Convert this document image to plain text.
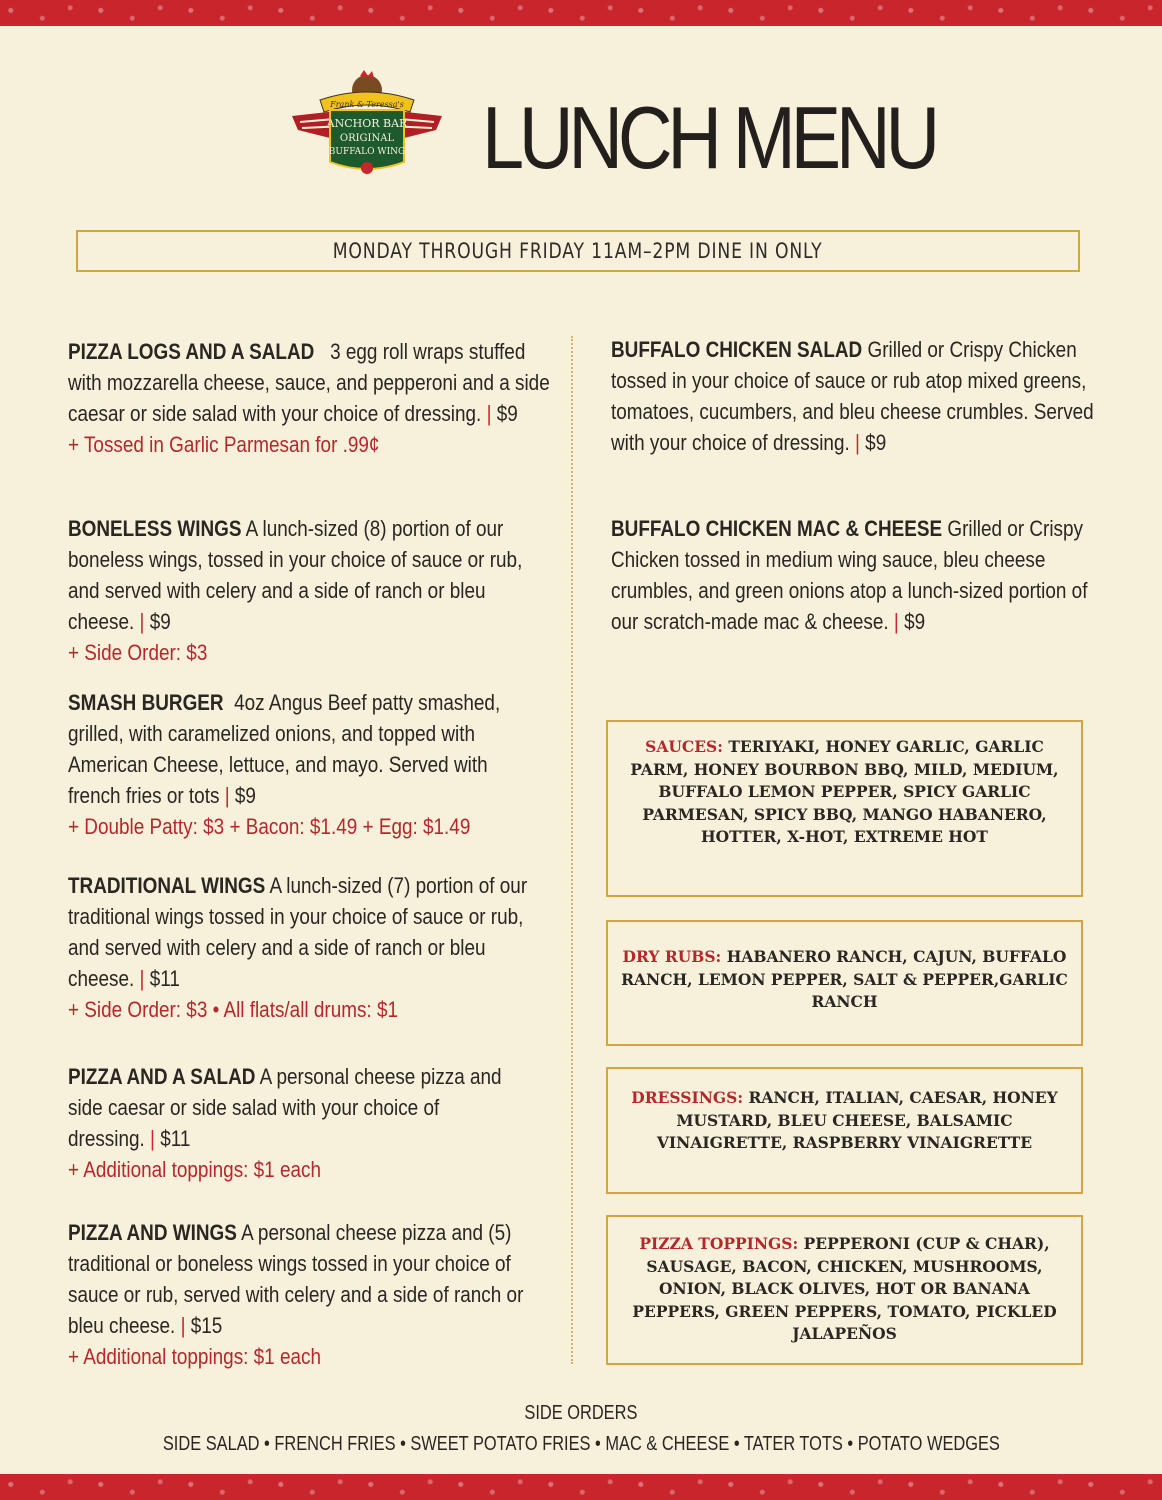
Frank & Teressa's
ANCHOR BAR
ORIGINAL
BUFFALO WING LUNCH MENU
MONDAY THROUGH FRIDAY 11AM–2PM DINE IN ONLY

PIZZA LOGS AND A SALAD 3 egg roll wraps stuffed with mozzarella cheese, sauce, and pepperoni and a side caesar or side salad with your choice of dressing. | $9
+ Tossed in Garlic Parmesan for .99¢

BONELESS WINGS A lunch-sized (8) portion of our boneless wings, tossed in your choice of sauce or rub, and served with celery and a side of ranch or bleu cheese. | $9
+ Side Order: $3

SMASH BURGER 4oz Angus Beef patty smashed, grilled, with caramelized onions, and topped with American Cheese, lettuce, and mayo. Served with french fries or tots | $9
+ Double Patty: $3 + Bacon: $1.49 + Egg: $1.49

TRADITIONAL WINGS A lunch-sized (7) portion of our traditional wings tossed in your choice of sauce or rub, and served with celery and a side of ranch or bleu cheese. | $11
+ Side Order: $3 • All flats/all drums: $1

PIZZA AND A SALAD A personal cheese pizza and side caesar or side salad with your choice of dressing. | $11
+ Additional toppings: $1 each

PIZZA AND WINGS A personal cheese pizza and (5) traditional or boneless wings tossed in your choice of sauce or rub, served with celery and a side of ranch or bleu cheese. | $15
+ Additional toppings: $1 each

BUFFALO CHICKEN SALAD Grilled or Crispy Chicken tossed in your choice of sauce or rub atop mixed greens, tomatoes, cucumbers, and bleu cheese crumbles. Served with your choice of dressing. | $9

BUFFALO CHICKEN MAC & CHEESE Grilled or Crispy Chicken tossed in medium wing sauce, bleu cheese crumbles, and green onions atop a lunch-sized portion of our scratch-made mac & cheese. | $9

SAUCES: TERIYAKI, HONEY GARLIC, GARLIC PARM, HONEY BOURBON BBQ, MILD, MEDIUM, BUFFALO LEMON PEPPER, SPICY GARLIC PARMESAN, SPICY BBQ, MANGO HABANERO, HOTTER, X-HOT, EXTREME HOT
DRY RUBS: HABANERO RANCH, CAJUN, BUFFALO RANCH, LEMON PEPPER, SALT & PEPPER,GARLIC RANCH
DRESSINGS: RANCH, ITALIAN, CAESAR, HONEY MUSTARD, BLEU CHEESE, BALSAMIC VINAIGRETTE, RASPBERRY VINAIGRETTE
PIZZA TOPPINGS: PEPPERONI (CUP & CHAR), SAUSAGE, BACON, CHICKEN, MUSHROOMS, ONION, BLACK OLIVES, HOT OR BANANA PEPPERS, GREEN PEPPERS, TOMATO, PICKLED JALAPEÑOS
SIDE ORDERS
SIDE SALAD • FRENCH FRIES • SWEET POTATO FRIES • MAC & CHEESE • TATER TOTS • POTATO WEDGES
